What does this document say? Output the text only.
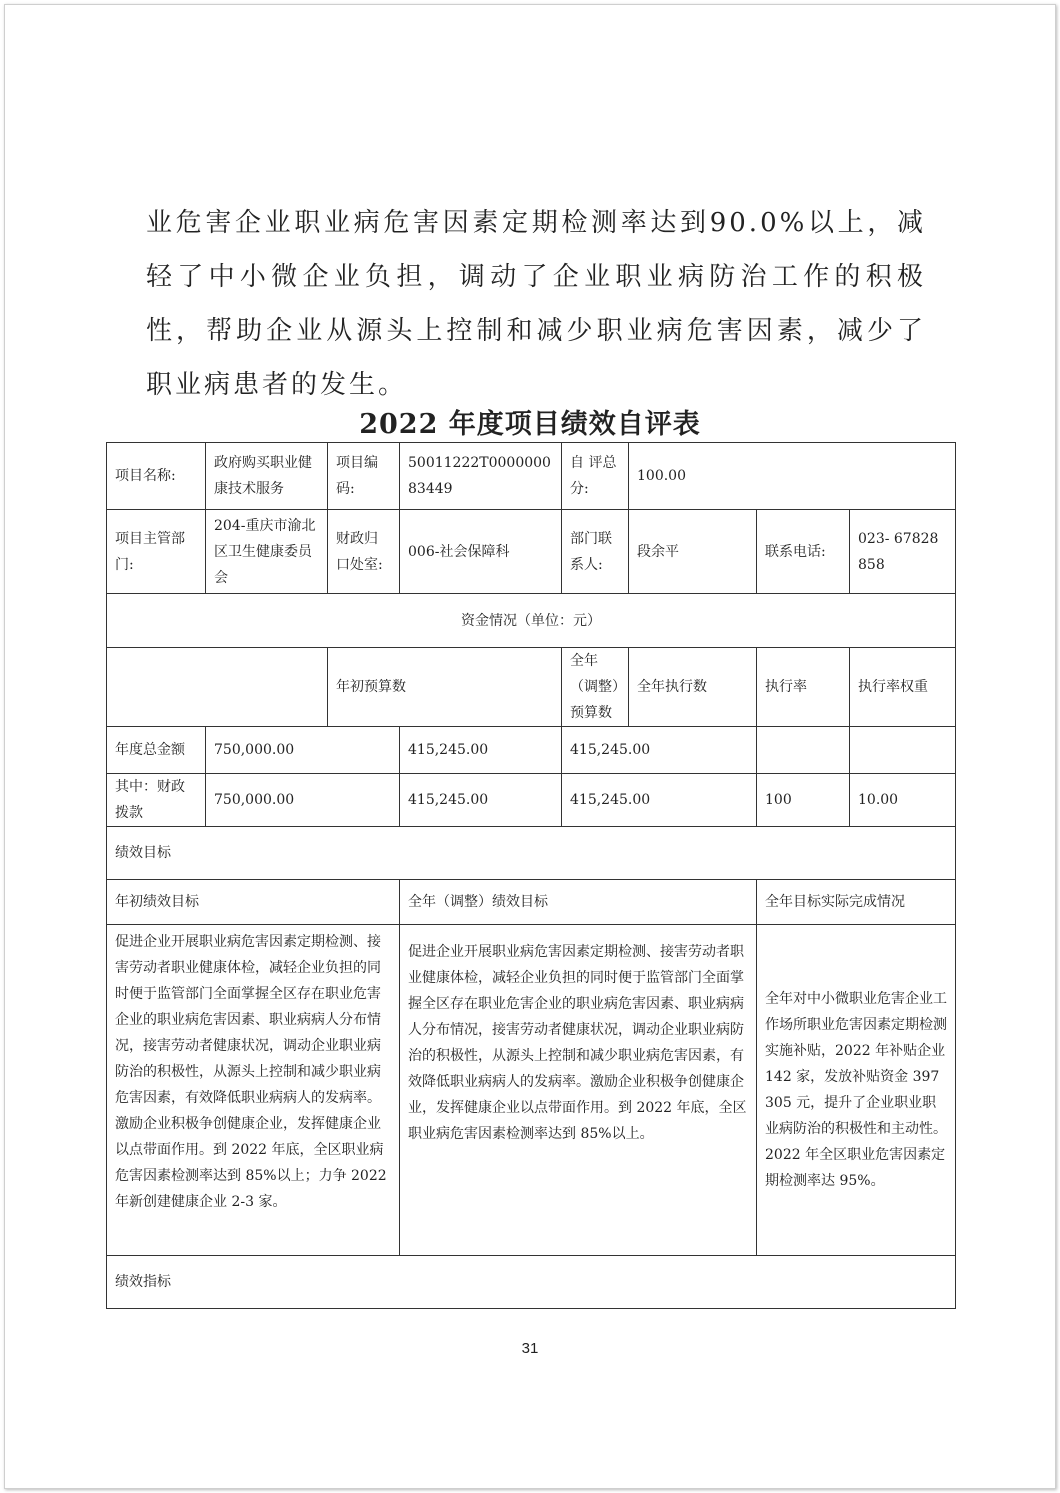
业危害企业职业病危害因素定期检测率达到90.0%以上，减轻了中小微企业负担，调动了企业职业病防治工作的积极性，帮助企业从源头上控制和减少职业病危害因素，减少了职业病患者的发生。
2022 年度项目绩效自评表
项目名称:	政府购买职业健康技术服务	项目编码:	50011222T000000083449	自 评总分:	100.00		
项目主管部门:	204-重庆市渝北区卫生健康委员会	财政归口处室:	006-社会保障科	部门联系人:	段余平	联系电话:	023- 67828858
资金情况（单位：元）							
		年初预算数		全年（调整）预算数	全年执行数	执行率	执行率权重
年度总金额	750,000.00		415,245.00	415,245.00			
其中：财政拨款	750,000.00		415,245.00	415,245.00		100	10.00
绩效目标							
年初绩效目标			全年（调整）绩效目标			全年目标实际完成情况	
促进企业开展职业病危害因素定期检测、接害劳动者职业健康体检，减轻企业负担的同时便于监管部门全面掌握全区存在职业危害企业的职业病危害因素、职业病病人分布情况，接害劳动者健康状况，调动企业职业病防治的积极性，从源头上控制和减少职业病危害因素，有效降低职业病病人的发病率。激励企业积极争创健康企业，发挥健康企业以点带面作用。到 2022 年底，全区职业病危害因素检测率达到 85%以上；力争 2022 年新创建健康企业 2-3 家。			促进企业开展职业病危害因素定期检测、接害劳动者职业健康体检，减轻企业负担的同时便于监管部门全面掌握全区存在职业危害企业的职业病危害因素、职业病病人分布情况，接害劳动者健康状况，调动企业职业病防治的积极性，从源头上控制和减少职业病危害因素，有效降低职业病病人的发病率。激励企业积极争创健康企业，发挥健康企业以点带面作用。到 2022 年底，全区职业病危害因素检测率达到 85%以上。			全年对中小微职业危害企业工作场所职业危害因素定期检测实施补贴，2022 年补贴企业 142 家，发放补贴资金 397305 元，提升了企业职业职业病防治的积极性和主动性。2022 年全区职业危害因素定期检测率达 95%。	
绩效指标							
31
